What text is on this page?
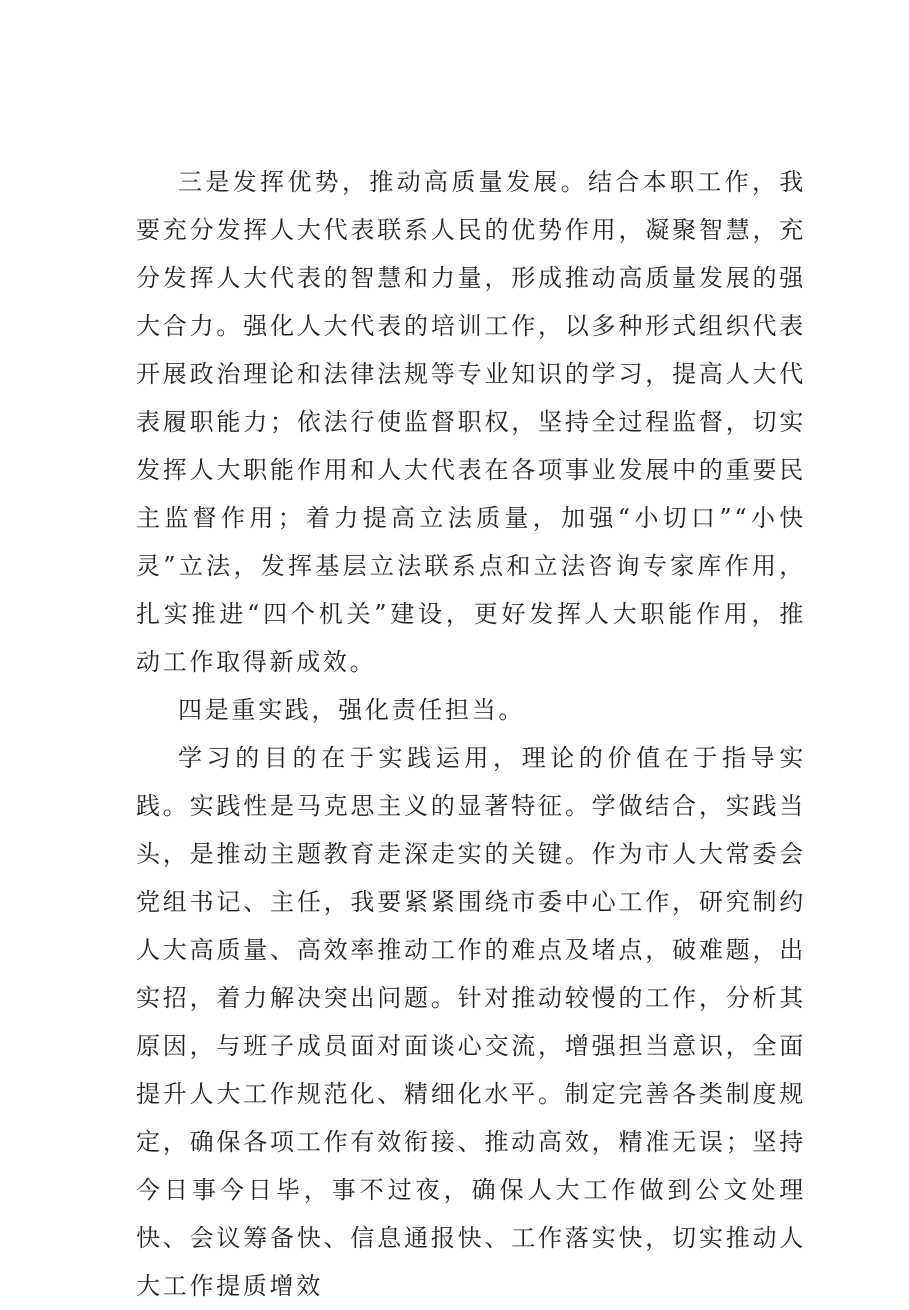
三是发挥优势，推动高质量发展。结合本职工作，我要充分发挥人大代表联系人民的优势作用，凝聚智慧，充分发挥人大代表的智慧和力量，形成推动高质量发展的强大合力。强化人大代表的培训工作，以多种形式组织代表开展政治理论和法律法规等专业知识的学习，提高人大代表履职能力；依法行使监督职权，坚持全过程监督，切实发挥人大职能作用和人大代表在各项事业发展中的重要民主监督作用；着力提高立法质量，加强“小切口”“小快灵”立法，发挥基层立法联系点和立法咨询专家库作用，扎实推进“四个机关”建设，更好发挥人大职能作用，推动工作取得新成效。

四是重实践，强化责任担当。

学习的目的在于实践运用，理论的价值在于指导实践。实践性是马克思主义的显著特征。学做结合，实践当头，是推动主题教育走深走实的关键。作为市人大常委会党组书记、主任，我要紧紧围绕市委中心工作，研究制约人大高质量、高效率推动工作的难点及堵点，破难题，出实招，着力解决突出问题。针对推动较慢的工作，分析其原因，与班子成员面对面谈心交流，增强担当意识，全面提升人大工作规范化、精细化水平。制定完善各类制度规定，确保各项工作有效衔接、推动高效，精准无误；坚持今日事今日毕，事不过夜，确保人大工作做到公文处理快、会议筹备快、信息通报快、工作落实快，切实推动人大工作提质增效
